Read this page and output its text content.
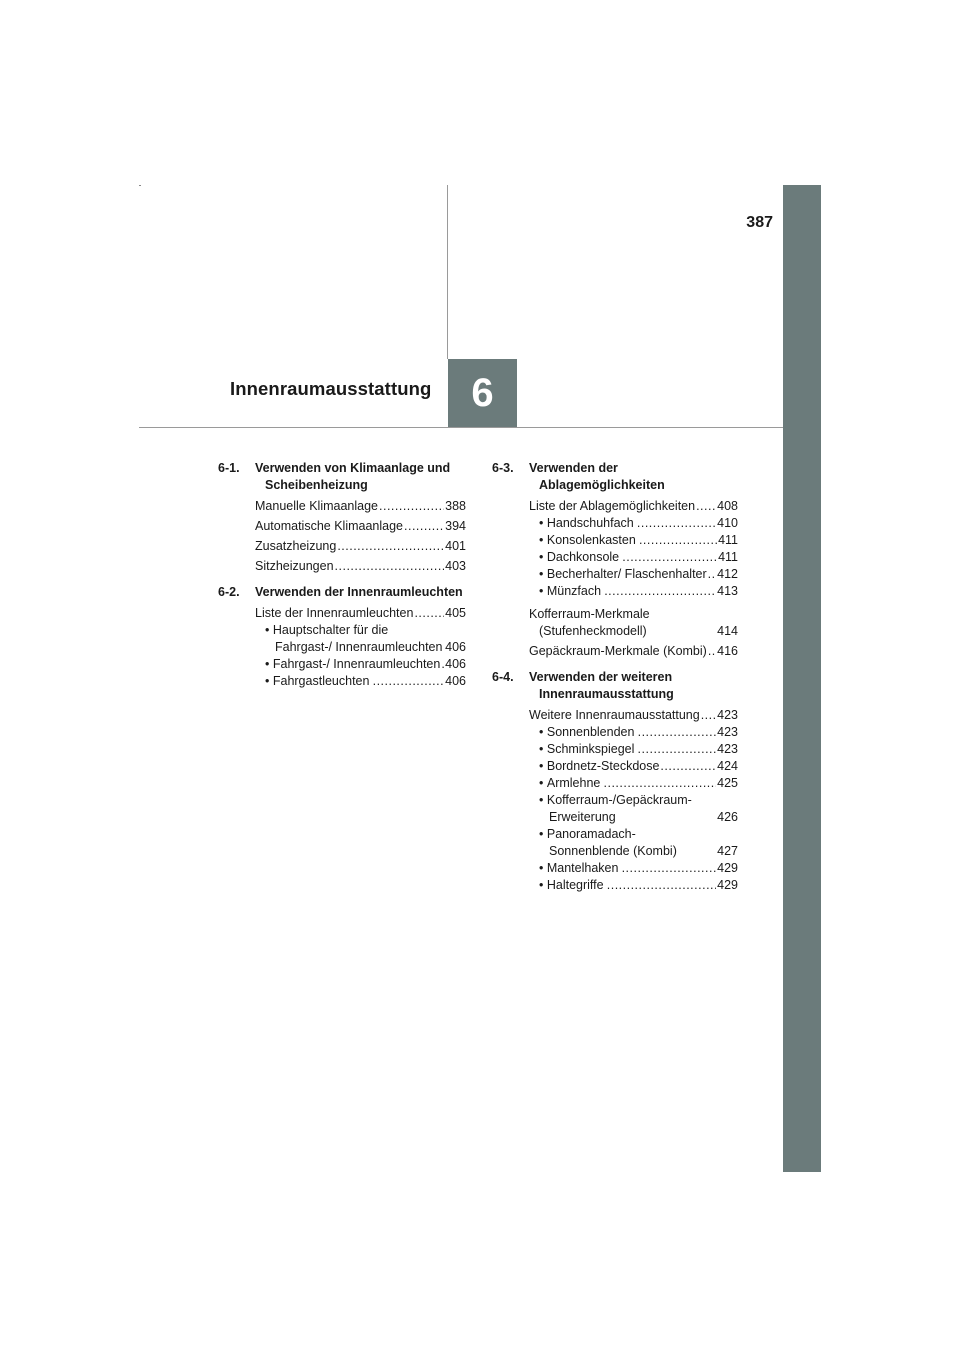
387
Innenraumausstattung 6
6-1.	Verwenden von Klimaanlage und Scheibenheizung
Manuelle Klimaanlage .....	388
Automatische Klimaanlage .....	394
Zusatzheizung .....	401
Sitzheizungen .....	403
6-2.	Verwenden der Innenraumleuchten
Liste der Innenraumleuchten .....	405
• Hauptschalter für die Fahrgast-/ Innenraumleuchten 406
• Fahrgast-/ Innenraumleuchten ..... 406
• Fahrgastleuchten .....	406
6-3.	Verwenden der Ablagemöglichkeiten
Liste der Ablagemöglichkeiten ..... 408
• Handschuhfach .....	410
• Konsolenkasten .....	411
• Dachkonsole .....	411
• Becherhalter/ Flaschenhalter ..... 412
• Münzfach .....	413
Kofferraum-Merkmale (Stufenheckmodell)	414
Gepäckraum-Merkmale (Kombi) ..... 416
6-4.	Verwenden der weiteren Innenraumausstattung
Weitere Innenraumausstattung ..... 423
• Sonnenblenden .....	423
• Schminkspiegel .....	423
• Bordnetz-Steckdose .....	424
• Armlehne .....	425
• Kofferraum-/Gepäckraum-Erweiterung	426
• Panoramadach-Sonnenblende (Kombi)	427
• Mantelhaken .....	429
• Haltegriffe .....	429
